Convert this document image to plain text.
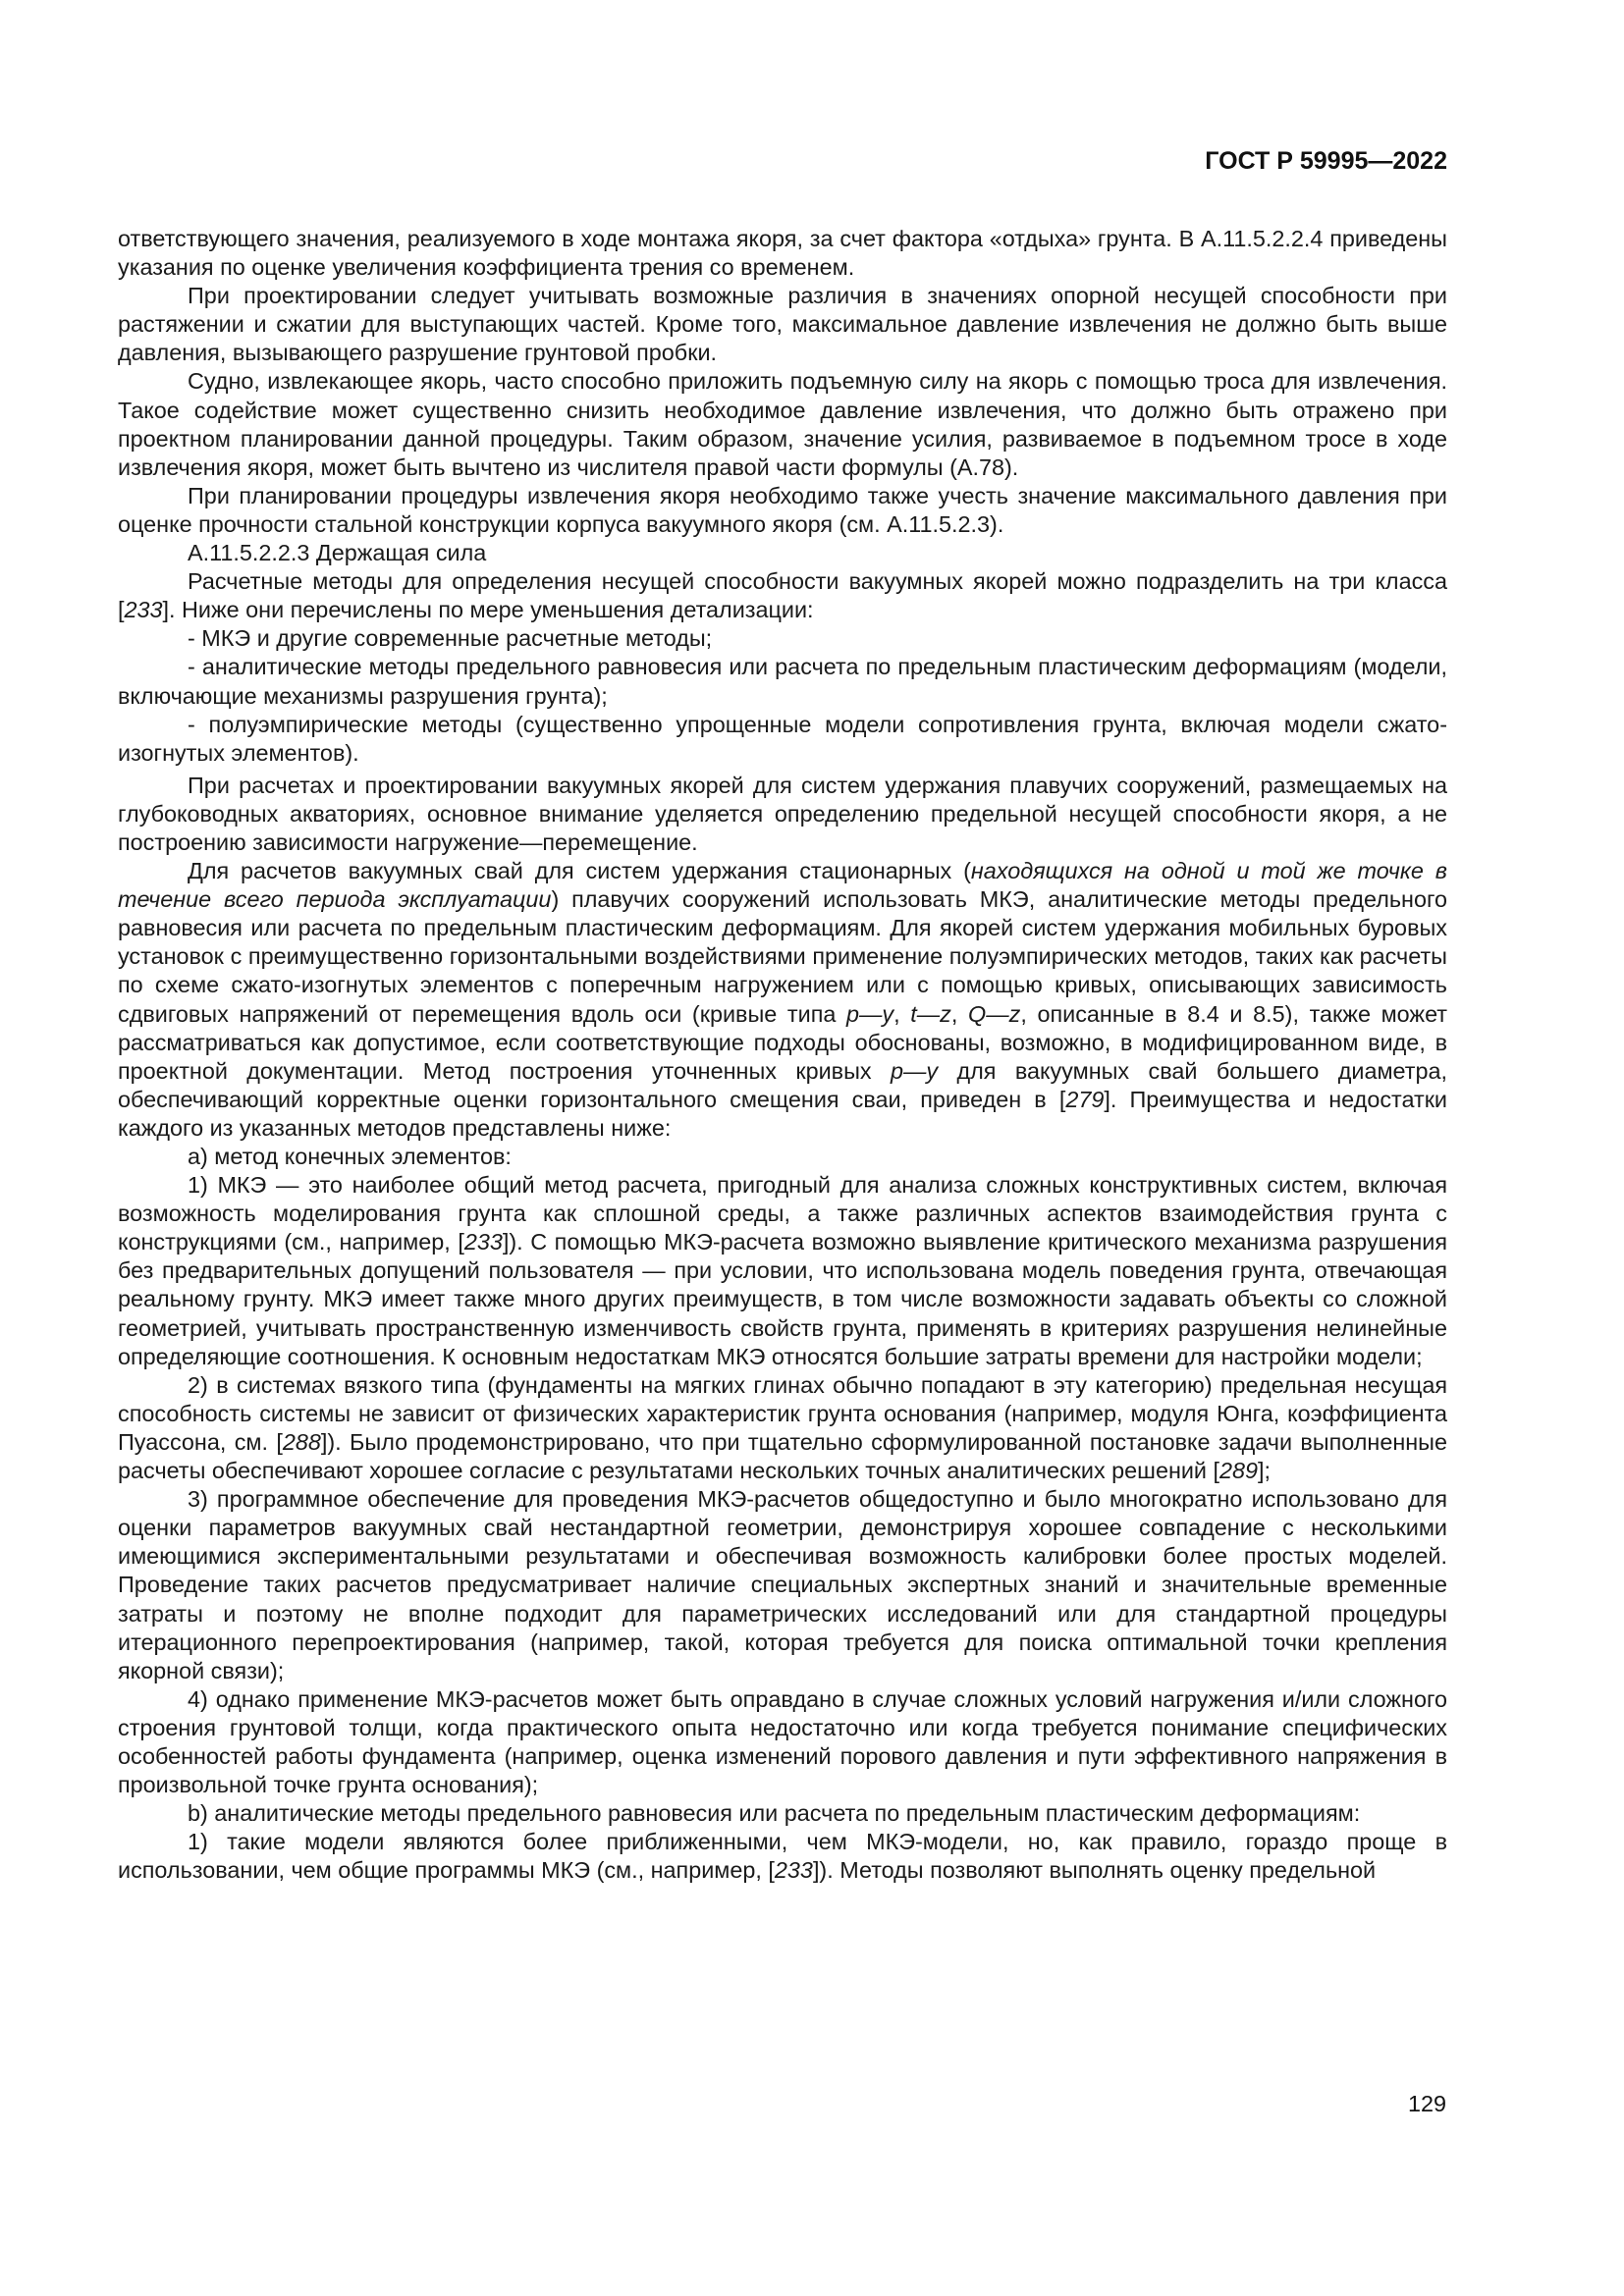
ГОСТ Р 59995—2022

ответствующего значения, реализуемого в ходе монтажа якоря, за счет фактора «отдыха» грунта. В А.11.5.2.2.4 приведены указания по оценке увеличения коэффициента трения со временем.

При проектировании следует учитывать возможные различия в значениях опорной несущей способности при растяжении и сжатии для выступающих частей. Кроме того, максимальное давление извлечения не должно быть выше давления, вызывающего разрушение грунтовой пробки.

Судно, извлекающее якорь, часто способно приложить подъемную силу на якорь с помощью троса для извлечения. Такое содействие может существенно снизить необходимое давление извлечения, что должно быть отражено при проектном планировании данной процедуры. Таким образом, значение усилия, развиваемое в подъемном тросе в ходе извлечения якоря, может быть вычтено из числителя правой части формулы (А.78).

При планировании процедуры извлечения якоря необходимо также учесть значение максимального давления при оценке прочности стальной конструкции корпуса вакуумного якоря (см. А.11.5.2.3).

А.11.5.2.2.3 Держащая сила

Расчетные методы для определения несущей способности вакуумных якорей можно подразделить на три класса [233]. Ниже они перечислены по мере уменьшения детализации:

- МКЭ и другие современные расчетные методы;

- аналитические методы предельного равновесия или расчета по предельным пластическим деформациям (модели, включающие механизмы разрушения грунта);

- полуэмпирические методы (существенно упрощенные модели сопротивления грунта, включая модели сжато-изогнутых элементов).

При расчетах и проектировании вакуумных якорей для систем удержания плавучих сооружений, размещаемых на глубоководных акваториях, основное внимание уделяется определению предельной несущей способности якоря, а не построению зависимости нагружение—перемещение.

Для расчетов вакуумных свай для систем удержания стационарных (находящихся на одной и той же точке в течение всего периода эксплуатации) плавучих сооружений использовать МКЭ, аналитические методы предельного равновесия или расчета по предельным пластическим деформациям. Для якорей систем удержания мобильных буровых установок с преимущественно горизонтальными воздействиями применение полуэмпирических методов, таких как расчеты по схеме сжато-изогнутых элементов с поперечным нагружением или с помощью кривых, описывающих зависимость сдвиговых напряжений от перемещения вдоль оси (кривые типа p—y, t—z, Q—z, описанные в 8.4 и 8.5), также может рассматриваться как допустимое, если соответствующие подходы обоснованы, возможно, в модифицированном виде, в проектной документации. Метод построения уточненных кривых p—y для вакуумных свай большего диаметра, обеспечивающий корректные оценки горизонтального смещения сваи, приведен в [279]. Преимущества и недостатки каждого из указанных методов представлены ниже:

а) метод конечных элементов:

1) МКЭ — это наиболее общий метод расчета, пригодный для анализа сложных конструктивных систем, включая возможность моделирования грунта как сплошной среды, а также различных аспектов взаимодействия грунта с конструкциями (см., например, [233]). С помощью МКЭ-расчета возможно выявление критического механизма разрушения без предварительных допущений пользователя — при условии, что использована модель поведения грунта, отвечающая реальному грунту. МКЭ имеет также много других преимуществ, в том числе возможности задавать объекты со сложной геометрией, учитывать пространственную изменчивость свойств грунта, применять в критериях разрушения нелинейные определяющие соотношения. К основным недостаткам МКЭ относятся большие затраты времени для настройки модели;

2) в системах вязкого типа (фундаменты на мягких глинах обычно попадают в эту категорию) предельная несущая способность системы не зависит от физических характеристик грунта основания (например, модуля Юнга, коэффициента Пуассона, см. [288]). Было продемонстрировано, что при тщательно сформулированной постановке задачи выполненные расчеты обеспечивают хорошее согласие с результатами нескольких точных аналитических решений [289];

3) программное обеспечение для проведения МКЭ-расчетов общедоступно и было многократно использовано для оценки параметров вакуумных свай нестандартной геометрии, демонстрируя хорошее совпадение с несколькими имеющимися экспериментальными результатами и обеспечивая возможность калибровки более простых моделей. Проведение таких расчетов предусматривает наличие специальных экспертных знаний и значительные временные затраты и поэтому не вполне подходит для параметрических исследований или для стандартной процедуры итерационного перепроектирования (например, такой, которая требуется для поиска оптимальной точки крепления якорной связи);

4) однако применение МКЭ-расчетов может быть оправдано в случае сложных условий нагружения и/или сложного строения грунтовой толщи, когда практического опыта недостаточно или когда требуется понимание специфических особенностей работы фундамента (например, оценка изменений порового давления и пути эффективного напряжения в произвольной точке грунта основания);

b) аналитические методы предельного равновесия или расчета по предельным пластическим деформациям:

1) такие модели являются более приближенными, чем МКЭ-модели, но, как правило, гораздо проще в использовании, чем общие программы МКЭ (см., например, [233]). Методы позволяют выполнять оценку предельной

129
